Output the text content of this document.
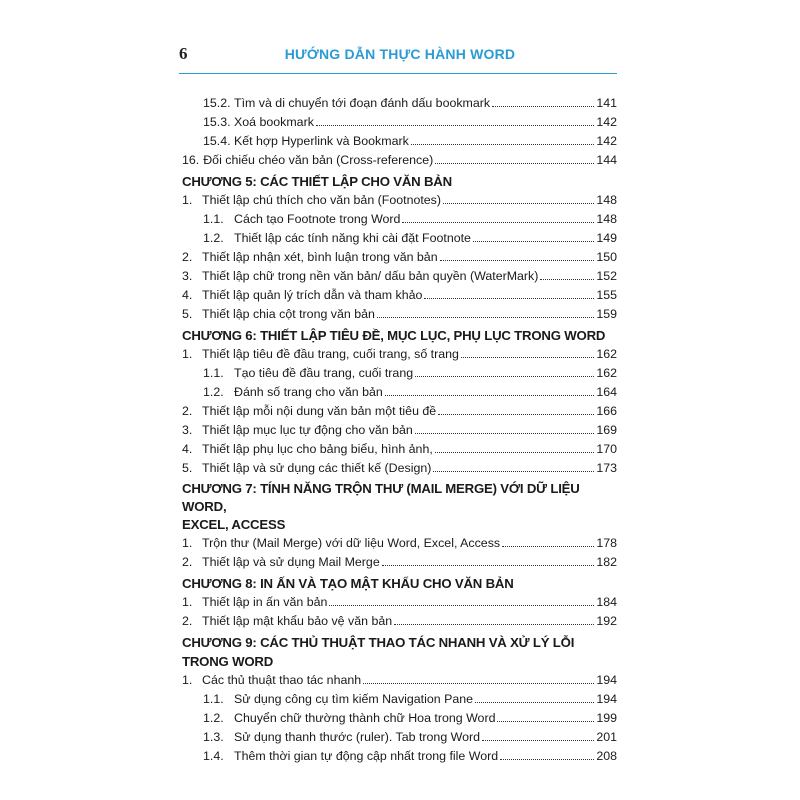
6	HƯỚNG DẪN THỰC HÀNH WORD
15.2. Tìm và di chuyển tới đoạn đánh dấu bookmark	141
15.3. Xoá bookmark	142
15.4. Kết hợp Hyperlink và Bookmark	142
16. Đối chiếu chéo văn bản (Cross-reference)	144
CHƯƠNG 5: CÁC THIẾT LẬP CHO VĂN BẢN
1. Thiết lập chú thích cho văn bản (Footnotes)	148
1.1. Cách tạo Footnote trong Word	148
1.2. Thiết lập các tính năng khi cài đặt Footnote	149
2. Thiết lập nhận xét, bình luận trong văn bản	150
3. Thiết lập chữ trong nền văn bản/ dấu bản quyền (WaterMark)	152
4. Thiết lập quản lý trích dẫn và tham khảo	155
5. Thiết lập chia cột trong văn bản	159
CHƯƠNG 6: THIẾT LẬP TIÊU ĐỀ, MỤC LỤC, PHỤ LỤC TRONG WORD
1. Thiết lập tiêu đề đầu trang, cuối trang, số trang	162
1.1. Tạo tiêu đề đầu trang, cuối trang	162
1.2. Đánh số trang cho văn bản	164
2. Thiết lập mỗi nội dung văn bản một tiêu đề	166
3. Thiết lập mục lục tự động cho văn bản	169
4. Thiết lập phụ lục cho bảng biểu, hình ảnh,	170
5. Thiết lập và sử dụng các thiết kế (Design)	173
CHƯƠNG 7: TÍNH NĂNG TRỘN THƯ (MAIL MERGE) VỚI DỮ LIỆU WORD,
EXCEL, ACCESS
1. Trộn thư (Mail Merge) với dữ liệu Word, Excel, Access	178
2. Thiết lập và sử dụng Mail Merge	182
CHƯƠNG 8: IN ẤN VÀ TẠO MẬT KHẨU CHO VĂN BẢN
1. Thiết lập in ấn văn bản	184
2. Thiết lập mật khẩu bảo vệ văn bản	192
CHƯƠNG 9: CÁC THỦ THUẬT THAO TÁC NHANH VÀ XỬ LÝ LỖI TRONG WORD
1. Các thủ thuật thao tác nhanh	194
1.1. Sử dụng công cụ tìm kiếm Navigation Pane	194
1.2. Chuyển chữ thường thành chữ Hoa trong Word	199
1.3. Sử dụng thanh thước (ruler). Tab trong Word	201
1.4. Thêm thời gian tự động cập nhất trong file Word	208
